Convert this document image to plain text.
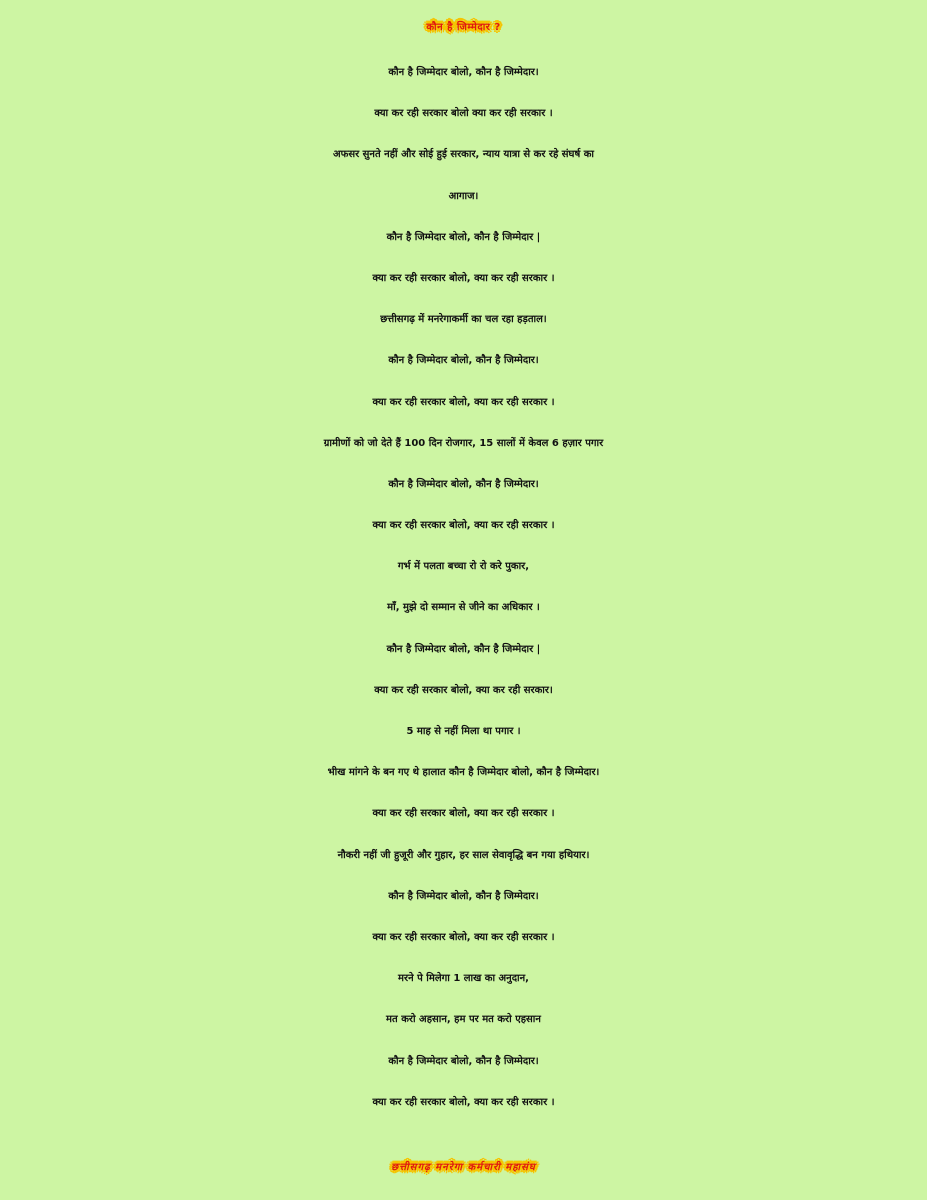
कौन है जिम्मेदार ?
कौन है जिम्मेदार बोलो, कौन है जिम्मेदार।
क्या कर रही सरकार बोलो क्या कर रही सरकार ।
अफसर सुनते नहीं और सोई हुई सरकार, न्याय यात्रा से कर रहे संघर्ष का
आगाज।
कौन है जिम्मेदार बोलो, कौन है जिम्मेदार |
क्या कर रही सरकार बोलो, क्या कर रही सरकार ।
छत्तीसगढ़ में मनरेगाकर्मी का चल रहा हड़ताल।
कौन है जिम्मेदार बोलो, कौन है जिम्मेदार।
क्या कर रही सरकार बोलो, क्या कर रही सरकार ।
ग्रामीणों को जो देते हैं 100 दिन रोजगार, 15 सालों में केवल 6 हज़ार पगार
कौन है जिम्मेदार बोलो, कौन है जिम्मेदार।
क्या कर रही सरकार बोलो, क्या कर रही सरकार ।
गर्भ में पलता बच्चा रो रो करे पुकार,
माँ, मुझे दो सम्मान से जीने का अधिकार ।
कौन है जिम्मेदार बोलो, कौन है जिम्मेदार |
क्या कर रही सरकार बोलो, क्या कर रही सरकार।
5 माह से नहीं मिला था पगार ।
भीख मांगने के बन गए थे हालात कौन है जिम्मेदार बोलो, कौन है जिम्मेदार।
क्या कर रही सरकार बोलो, क्या कर रही सरकार ।
नौकरी नहीं जी हुजूरी और गुहार, हर साल सेवावृद्धि बन गया हथियार।
कौन है जिम्मेदार बोलो, कौन है जिम्मेदार।
क्या कर रही सरकार बोलो, क्या कर रही सरकार ।
मरने पे मिलेगा 1 लाख का अनुदान,
मत करो अहसान, हम पर मत करो एहसान
कौन है जिम्मेदार बोलो, कौन है जिम्मेदार।
क्या कर रही सरकार बोलो, क्या कर रही सरकार ।
छत्तीसगढ़ मनरेगा कर्मचारी महासंघ
